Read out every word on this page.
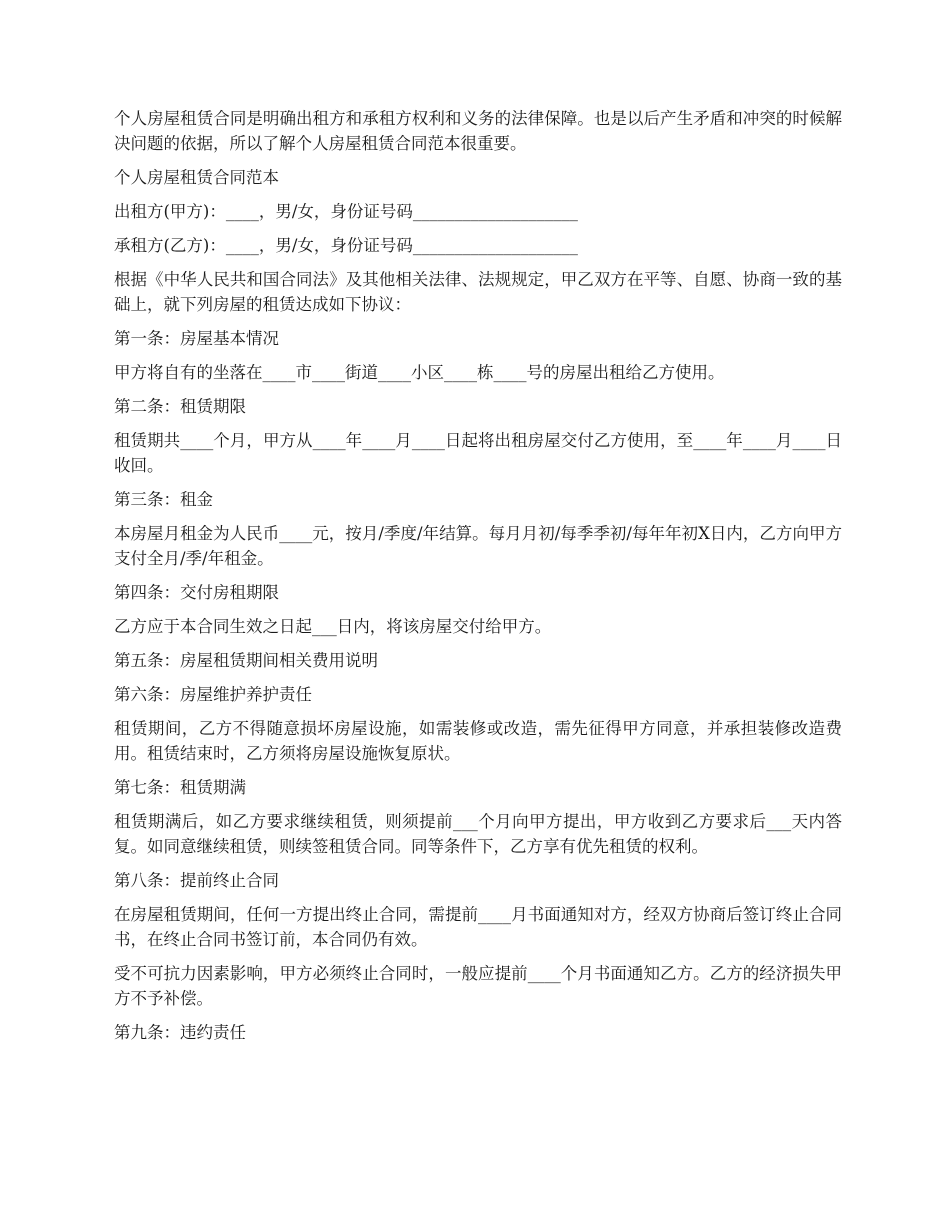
个人房屋租赁合同是明确出租方和承租方权利和义务的法律保障。也是以后产生矛盾和冲突的时候解决问题的依据，所以了解个人房屋租赁合同范本很重要。

个人房屋租赁合同范本

出租方(甲方)：____，男/女，身份证号码____________________

承租方(乙方)：____，男/女，身份证号码____________________

根据《中华人民共和国合同法》及其他相关法律、法规规定，甲乙双方在平等、自愿、协商一致的基础上，就下列房屋的租赁达成如下协议：

第一条：房屋基本情况

甲方将自有的坐落在____市____街道____小区____栋____号的房屋出租给乙方使用。

第二条：租赁期限

租赁期共____个月，甲方从____年____月____日起将出租房屋交付乙方使用，至____年____月____日收回。

第三条：租金

本房屋月租金为人民币____元，按月/季度/年结算。每月月初/每季季初/每年年初X日内，乙方向甲方支付全月/季/年租金。

第四条：交付房租期限

乙方应于本合同生效之日起___日内，将该房屋交付给甲方。

第五条：房屋租赁期间相关费用说明

第六条：房屋维护养护责任

租赁期间，乙方不得随意损坏房屋设施，如需装修或改造，需先征得甲方同意，并承担装修改造费用。租赁结束时，乙方须将房屋设施恢复原状。

第七条：租赁期满

租赁期满后，如乙方要求继续租赁，则须提前___个月向甲方提出，甲方收到乙方要求后___天内答复。如同意继续租赁，则续签租赁合同。同等条件下，乙方享有优先租赁的权利。

第八条：提前终止合同

在房屋租赁期间，任何一方提出终止合同，需提前____月书面通知对方，经双方协商后签订终止合同书，在终止合同书签订前，本合同仍有效。

受不可抗力因素影响，甲方必须终止合同时，一般应提前____个月书面通知乙方。乙方的经济损失甲方不予补偿。

第九条：违约责任
